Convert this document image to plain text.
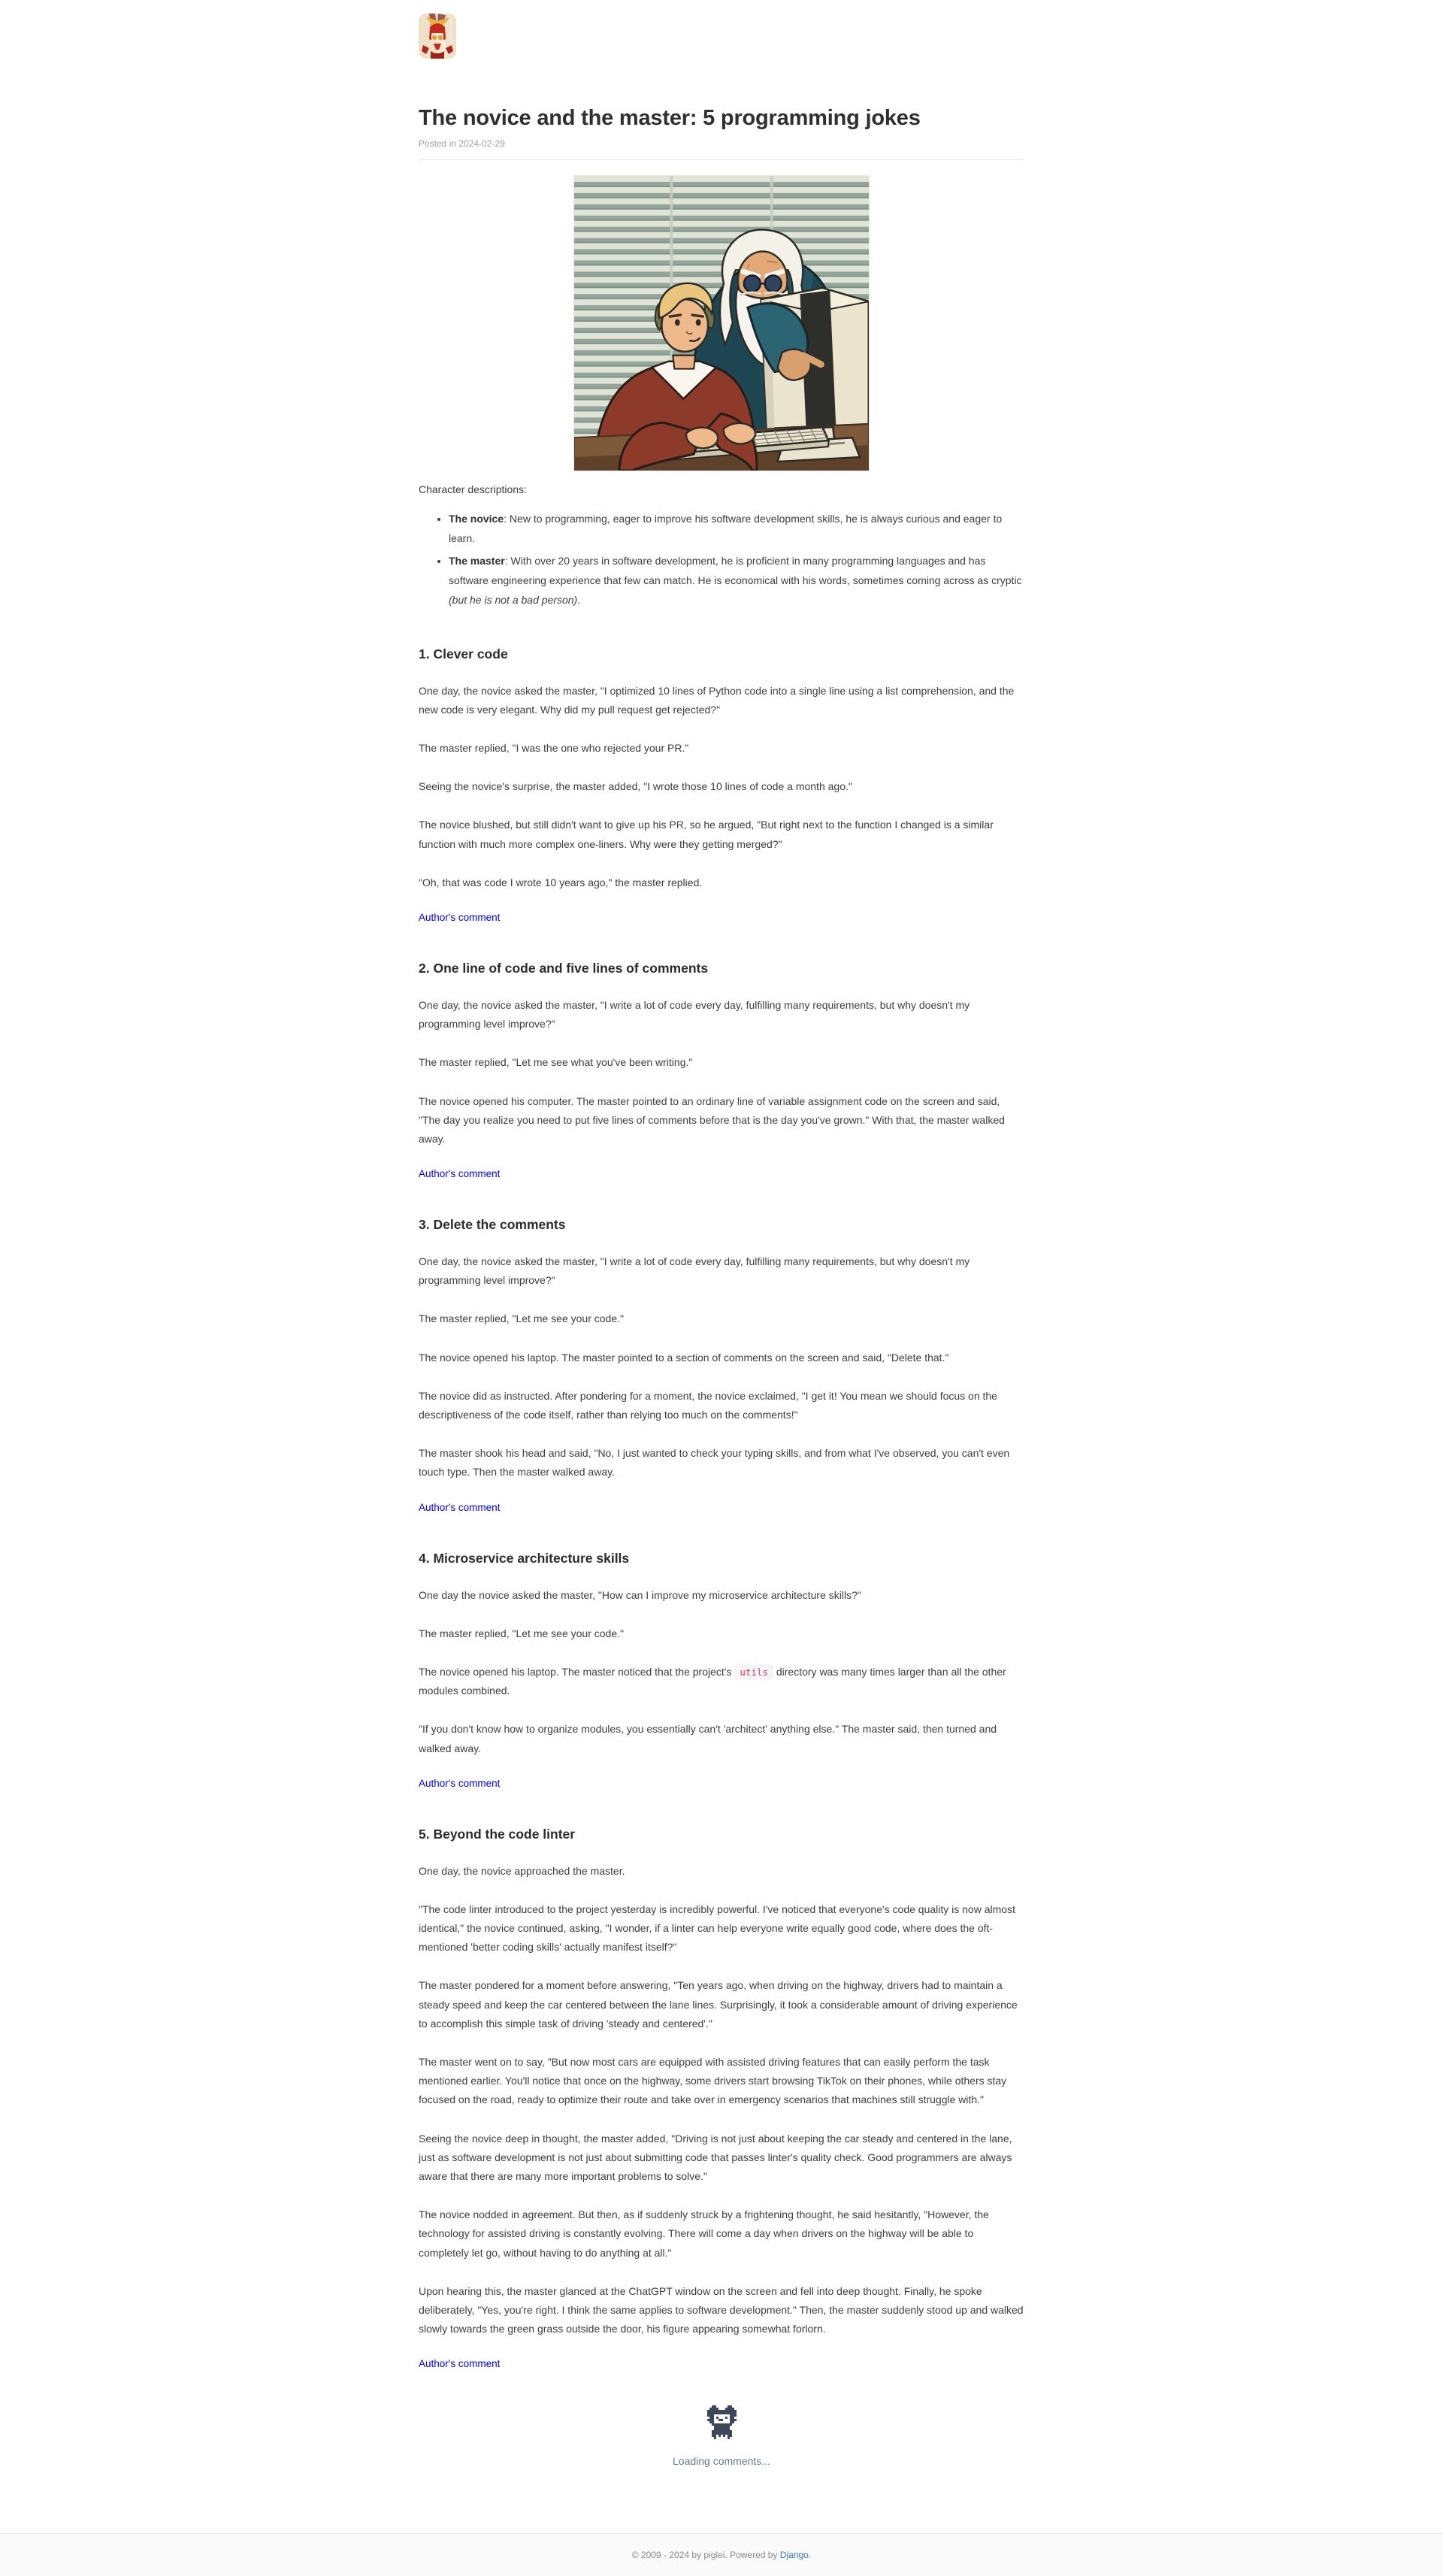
The novice and the master: 5 programming jokes

Posted in 2024-02-29

Character descriptions:

• The novice: New to programming, eager to improve his software development skills, he is always curious and eager to learn.
• The master: With over 20 years in software development, he is proficient in many programming languages and has software engineering experience that few can match. He is economical with his words, sometimes coming across as cryptic (but he is not a bad person).
1. Clever code

One day, the novice asked the master, "I optimized 10 lines of Python code into a single line using a list comprehension, and the new code is very elegant. Why did my pull request get rejected?"

The master replied, "I was the one who rejected your PR."

Seeing the novice's surprise, the master added, "I wrote those 10 lines of code a month ago."

The novice blushed, but still didn't want to give up his PR, so he argued, "But right next to the function I changed is a similar function with much more complex one-liners. Why were they getting merged?"

"Oh, that was code I wrote 10 years ago," the master replied.

Author's comment
2. One line of code and five lines of comments

One day, the novice asked the master, "I write a lot of code every day, fulfilling many requirements, but why doesn't my programming level improve?"

The master replied, "Let me see what you've been writing."

The novice opened his computer. The master pointed to an ordinary line of variable assignment code on the screen and said, "The day you realize you need to put five lines of comments before that is the day you've grown." With that, the master walked away.

Author's comment
3. Delete the comments

One day, the novice asked the master, "I write a lot of code every day, fulfilling many requirements, but why doesn't my programming level improve?"

The master replied, "Let me see your code."

The novice opened his laptop. The master pointed to a section of comments on the screen and said, "Delete that."

The novice did as instructed. After pondering for a moment, the novice exclaimed, "I get it! You mean we should focus on the descriptiveness of the code itself, rather than relying too much on the comments!"

The master shook his head and said, "No, I just wanted to check your typing skills, and from what I've observed, you can't even touch type. Then the master walked away.

Author's comment
4. Microservice architecture skills

One day the novice asked the master, "How can I improve my microservice architecture skills?"

The master replied, "Let me see your code."

The novice opened his laptop. The master noticed that the project's utils directory was many times larger than all the other modules combined.

"If you don't know how to organize modules, you essentially can't 'architect' anything else." The master said, then turned and walked away.

Author's comment
5. Beyond the code linter

One day, the novice approached the master.

"The code linter introduced to the project yesterday is incredibly powerful. I've noticed that everyone's code quality is now almost identical," the novice continued, asking, "I wonder, if a linter can help everyone write equally good code, where does the oft-mentioned 'better coding skills' actually manifest itself?"

The master pondered for a moment before answering, "Ten years ago, when driving on the highway, drivers had to maintain a steady speed and keep the car centered between the lane lines. Surprisingly, it took a considerable amount of driving experience to accomplish this simple task of driving 'steady and centered'."

The master went on to say, "But now most cars are equipped with assisted driving features that can easily perform the task mentioned earlier. You'll notice that once on the highway, some drivers start browsing TikTok on their phones, while others stay focused on the road, ready to optimize their route and take over in emergency scenarios that machines still struggle with."

Seeing the novice deep in thought, the master added, "Driving is not just about keeping the car steady and centered in the lane, just as software development is not just about submitting code that passes linter's quality check. Good programmers are always aware that there are many more important problems to solve."

The novice nodded in agreement. But then, as if suddenly struck by a frightening thought, he said hesitantly, "However, the technology for assisted driving is constantly evolving. There will come a day when drivers on the highway will be able to completely let go, without having to do anything at all."

Upon hearing this, the master glanced at the ChatGPT window on the screen and fell into deep thought. Finally, he spoke deliberately, "Yes, you're right. I think the same applies to software development." Then, the master suddenly stood up and walked slowly towards the green grass outside the door, his figure appearing somewhat forlorn.

Author's comment
Loading comments...
© 2009 - 2024 by piglei. Powered by Django.
